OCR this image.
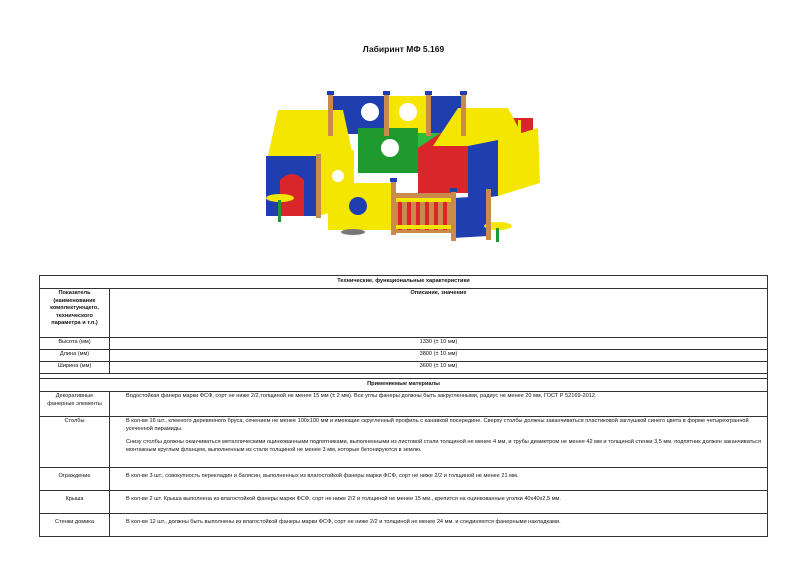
Лабиринт МФ 5.169
Технические, функциональные характеристики	
Показатель (наименование комплектующего, технического параметра и т.п.)	Описание, значение
Высота (мм)	1330 (± 10 мм)
Длина (мм)	3800 (± 10 мм)
Ширина (мм)	3600 (± 10 мм)

Применяемые материалы	
Декоративные фанерные элементы	Водостойкая фанера марки ФСФ, сорт не ниже 2/2,толщиной не менее 15 мм (± 2 мм). Все углы фанеры должны быть закругленными, радиус не менее 20 мм, ГОСТ Р 52169-2012.

Столбы	В кол-ве 16 шт., клееного деревянного бруса, сечением не менее 100х100 мм и имеющие скругленный профиль с канавкой посередине. Сверху столбы должны заканчиваться пластиковой заглушкой синего цвета в форме четырехгранной усеченной пирамиды.

Снизу столбы должны оканчиваться металлическими оцинкованными подпятниками, выполненными из листовой стали толщиной не менее 4 мм, и трубы диаметром не менее 42 мм и толщиной стенки 3,5 мм. подпятник должен заканчиваться монтажным круглым фланцем, выполненным из стали толщиной не менее 3 мм, которые бетонируются в землю.

Ограждение	В кол-ве 3 шт., совокупность перекладин и балясин, выполненных из влагостойкой фанеры марки ФСФ, сорт не ниже 2/2 и толщиной не менее 21 мм.

Крыша	В кол-ве 2 шт. Крыша выполнена из влагостойкой фанеры марки ФСФ, сорт не ниже 2/2 и толщиной не менее 15 мм., крепится на оцинкованные уголки 40х40х2,5 мм.

Стенки домика	В кол-ве 12 шт., должны быть выполнены из влагостойкой фанеры марки ФСФ, сорт не ниже 2/2 и толщиной не менее 24 мм. и соединяются фанерными накладками.
